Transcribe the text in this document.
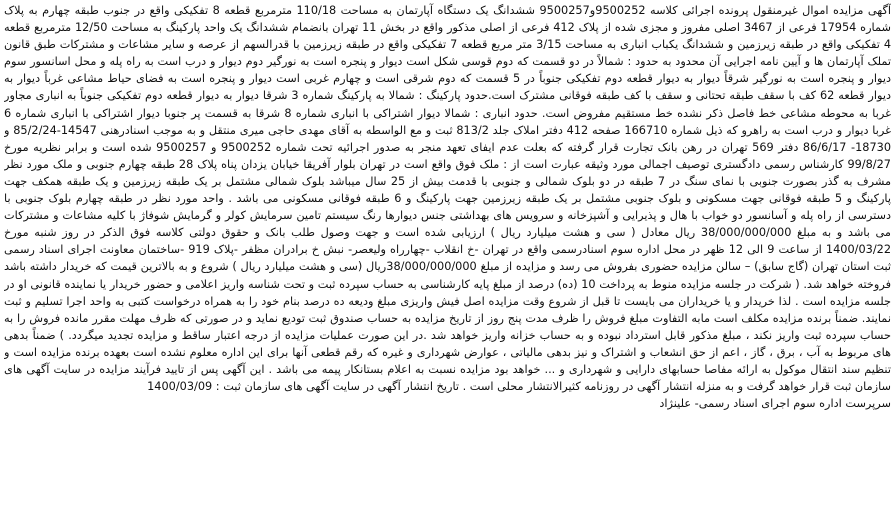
آگهی مزایده اموال غیرمنقول پرونده اجرائی کلاسه 9500252و9500257 ششدانگ یک دستگاه آپارتمان به مساحت 110/18 مترمربع قطعه 8 تفکیکی واقع در جنوب طبقه چهارم به پلاک شماره 17954 فرعی از 3467 اصلی مفروز و مجزی شده از پلاک 412 فرعی از اصلی مذکور واقع در بخش 11 تهران بانضمام ششدانگ یک واحد پارکینگ به مساحت 12/50 مترمربع قطعه 4 تفکیکی واقع در طبقه زیرزمین و ششدانگ یکباب انباری به مساحت 3/15 متر مربع قطعه 7 تفکیکی واقع در طبقه زیرزمین با قدرالسهم از عرصه و سایر مشاعات و مشترکات طبق قانون تملک آپارتمان ها و آیین نامه اجرایی آن محدود به حدود : شمالاً در دو قسمت که دوم قوسی شکل است دیوار و پنجره است به نورگیر دوم دیوار و درب است به راه پله و محل اسانسور سوم دیوار و پنجره است به نورگیر شرقاً دیوار به دیوار قطعه دوم تفکیکی جنوباً در 5 قسمت که دوم شرقی است و چهارم غربی است دیوار و پنجره است به فضای حیاط مشاعی غرباً دیوار به دیوار قطعه 62 کف با سقف طبقه تحتانی و سقف با کف طبقه فوقانی مشترک است.حدود پارکینگ : شمالا به پارکینگ شماره 3 شرقا دیوار به دیوار قطعه دوم تفکیکی جنوباً به انباری مجاور غربا به محوطه مشاعی خط فاصل ذکر نشده خط مستقیم مفروض است. حدود انباری : شمالا دیوار اشتراکی با انباری شماره 8 شرقا به قسمت پر جنوبا دیوار اشتراکی با انباری شماره 6 غربا دیوار و درب است به راهرو که ذیل شماره 166710 صفحه 412 دفتر املاک جلد 813/2 ثبت و مع الواسطه به آقای مهدی حاجی میری منتقل و به موجب اسنادرهنی 14547-85/2/24 و 18730- 86/6/17 دفتر 569 تهران در رهن بانک تجارت قرار گرفته که بعلت عدم ایفای تعهد منجر به صدور اجرائیه تحت شماره 9500252 و 9500257 شده است و برابر نظریه مورخ 99/8/27 کارشناس رسمی دادگستری توصیف اجمالی مورد وثیقه عبارت است از : ملک فوق واقع است در تهران بلوار آفریقا خیابان یزدان پناه پلاک 28 طبقه چهارم جنوبی و ملک مورد نظر مشرف به گذر بصورت جنوبی با نمای سنگ در 7 طبقه در دو بلوک شمالی و جنوبی با قدمت بیش از 25 سال میباشد بلوک شمالی مشتمل بر یک طبقه زیرزمین و یک طبقه همکف جهت پارکینگ و 5 طبقه فوقانی جهت مسکونی و بلوک جنوبی مشتمل بر یک طبقه زیرزمین جهت پارکینگ و 6 طبقه فوقانی مسکونی می باشد . واحد مورد نظر در طبقه چهارم بلوک جنوبی با دسترسی از راه پله و آسانسور دو خواب با هال و پذیرایی و آشپزخانه و سرویس های بهداشتی جنس دیوارها رنگ سیستم تامین سرمایش کولر و گرمایش شوفاژ با کلیه مشاعات و مشترکات می باشد و به مبلغ 38/000/000/000 ریال معادل ( سی و هشت میلیارد ریال ) ارزیابی شده است و جهت وصول طلب بانک و حقوق دولتی کلاسه فوق الذکر در روز شنبه مورخ 1400/03/22 از ساعت 9 الی 12 ظهر در محل اداره سوم اسنادرسمی واقع در تهران -خ انقلاب -چهارراه ولیعصر- نبش خ برادران مظفر -پلاک 919 -ساختمان معاونت اجرای اسناد رسمی ثبت استان تهران (گاج سابق) – سالن مزایده حضوری بفروش می رسد و مزایده از مبلغ 38/000/000/000ریال (سی و هشت میلیارد ریال ) شروع و به بالاترین قیمت که خریدار داشته باشد فروخته خواهد شد. ( شرکت در جلسه مزایده منوط به پرداخت 10 (ده) درصد از مبلغ پایه کارشناسی به حساب سپرده ثبت و تحت شناسه واریز اعلامی و حضور خریدار یا نماینده قانونی او در جلسه مزایده است . لذا خریدار و یا خریداران می بایست تا قبل از شروع وقت مزایده اصل فیش واریزی مبلغ ودیعه ده درصد بنام خود را به همراه درخواست کتبی به واحد اجرا تسلیم و ثبت نمایند. ضمناً برنده مزایده مکلف است مابه التفاوت مبلغ فروش را ظرف مدت پنج روز از تاریخ مزایده به حساب صندوق ثبت تودیع نماید و در صورتی که ظرف مهلت مقرر مانده فروش را به حساب سپرده ثبت واریز نکند ، مبلغ مذکور قابل استرداد نبوده و به حساب خزانه واریز خواهد شد .در این صورت عملیات مزایده از درجه اعتبار ساقط و مزایده تجدید میگردد. ) ضمناً بدهی های مربوط به آب ، برق ، گاز ، اعم از حق انشعاب و اشتراک و نیز بدهی مالیاتی ، عوارض شهرداری و غیره که رقم قطعی آنها برای این اداره معلوم نشده است بعهده برنده مزایده است و تنظیم سند انتقال موکول به ارائه مفاصا حسابهای دارایی و شهرداری و ... خواهد بود مزایده نسبت به اعلام بستانکار پیمه می باشد . این آگهی پس از تایید فرآیند مزایده در سایت آگهی های سازمان ثبت قرار خواهد گرفت و به منزله انتشار آگهی در روزنامه کثیرالانتشار محلی است . تاریخ انتشار آگهی در سایت آگهی های سازمان ثبت : 1400/03/09

سرپرست اداره سوم اجرای اسناد رسمی- علینژاد
